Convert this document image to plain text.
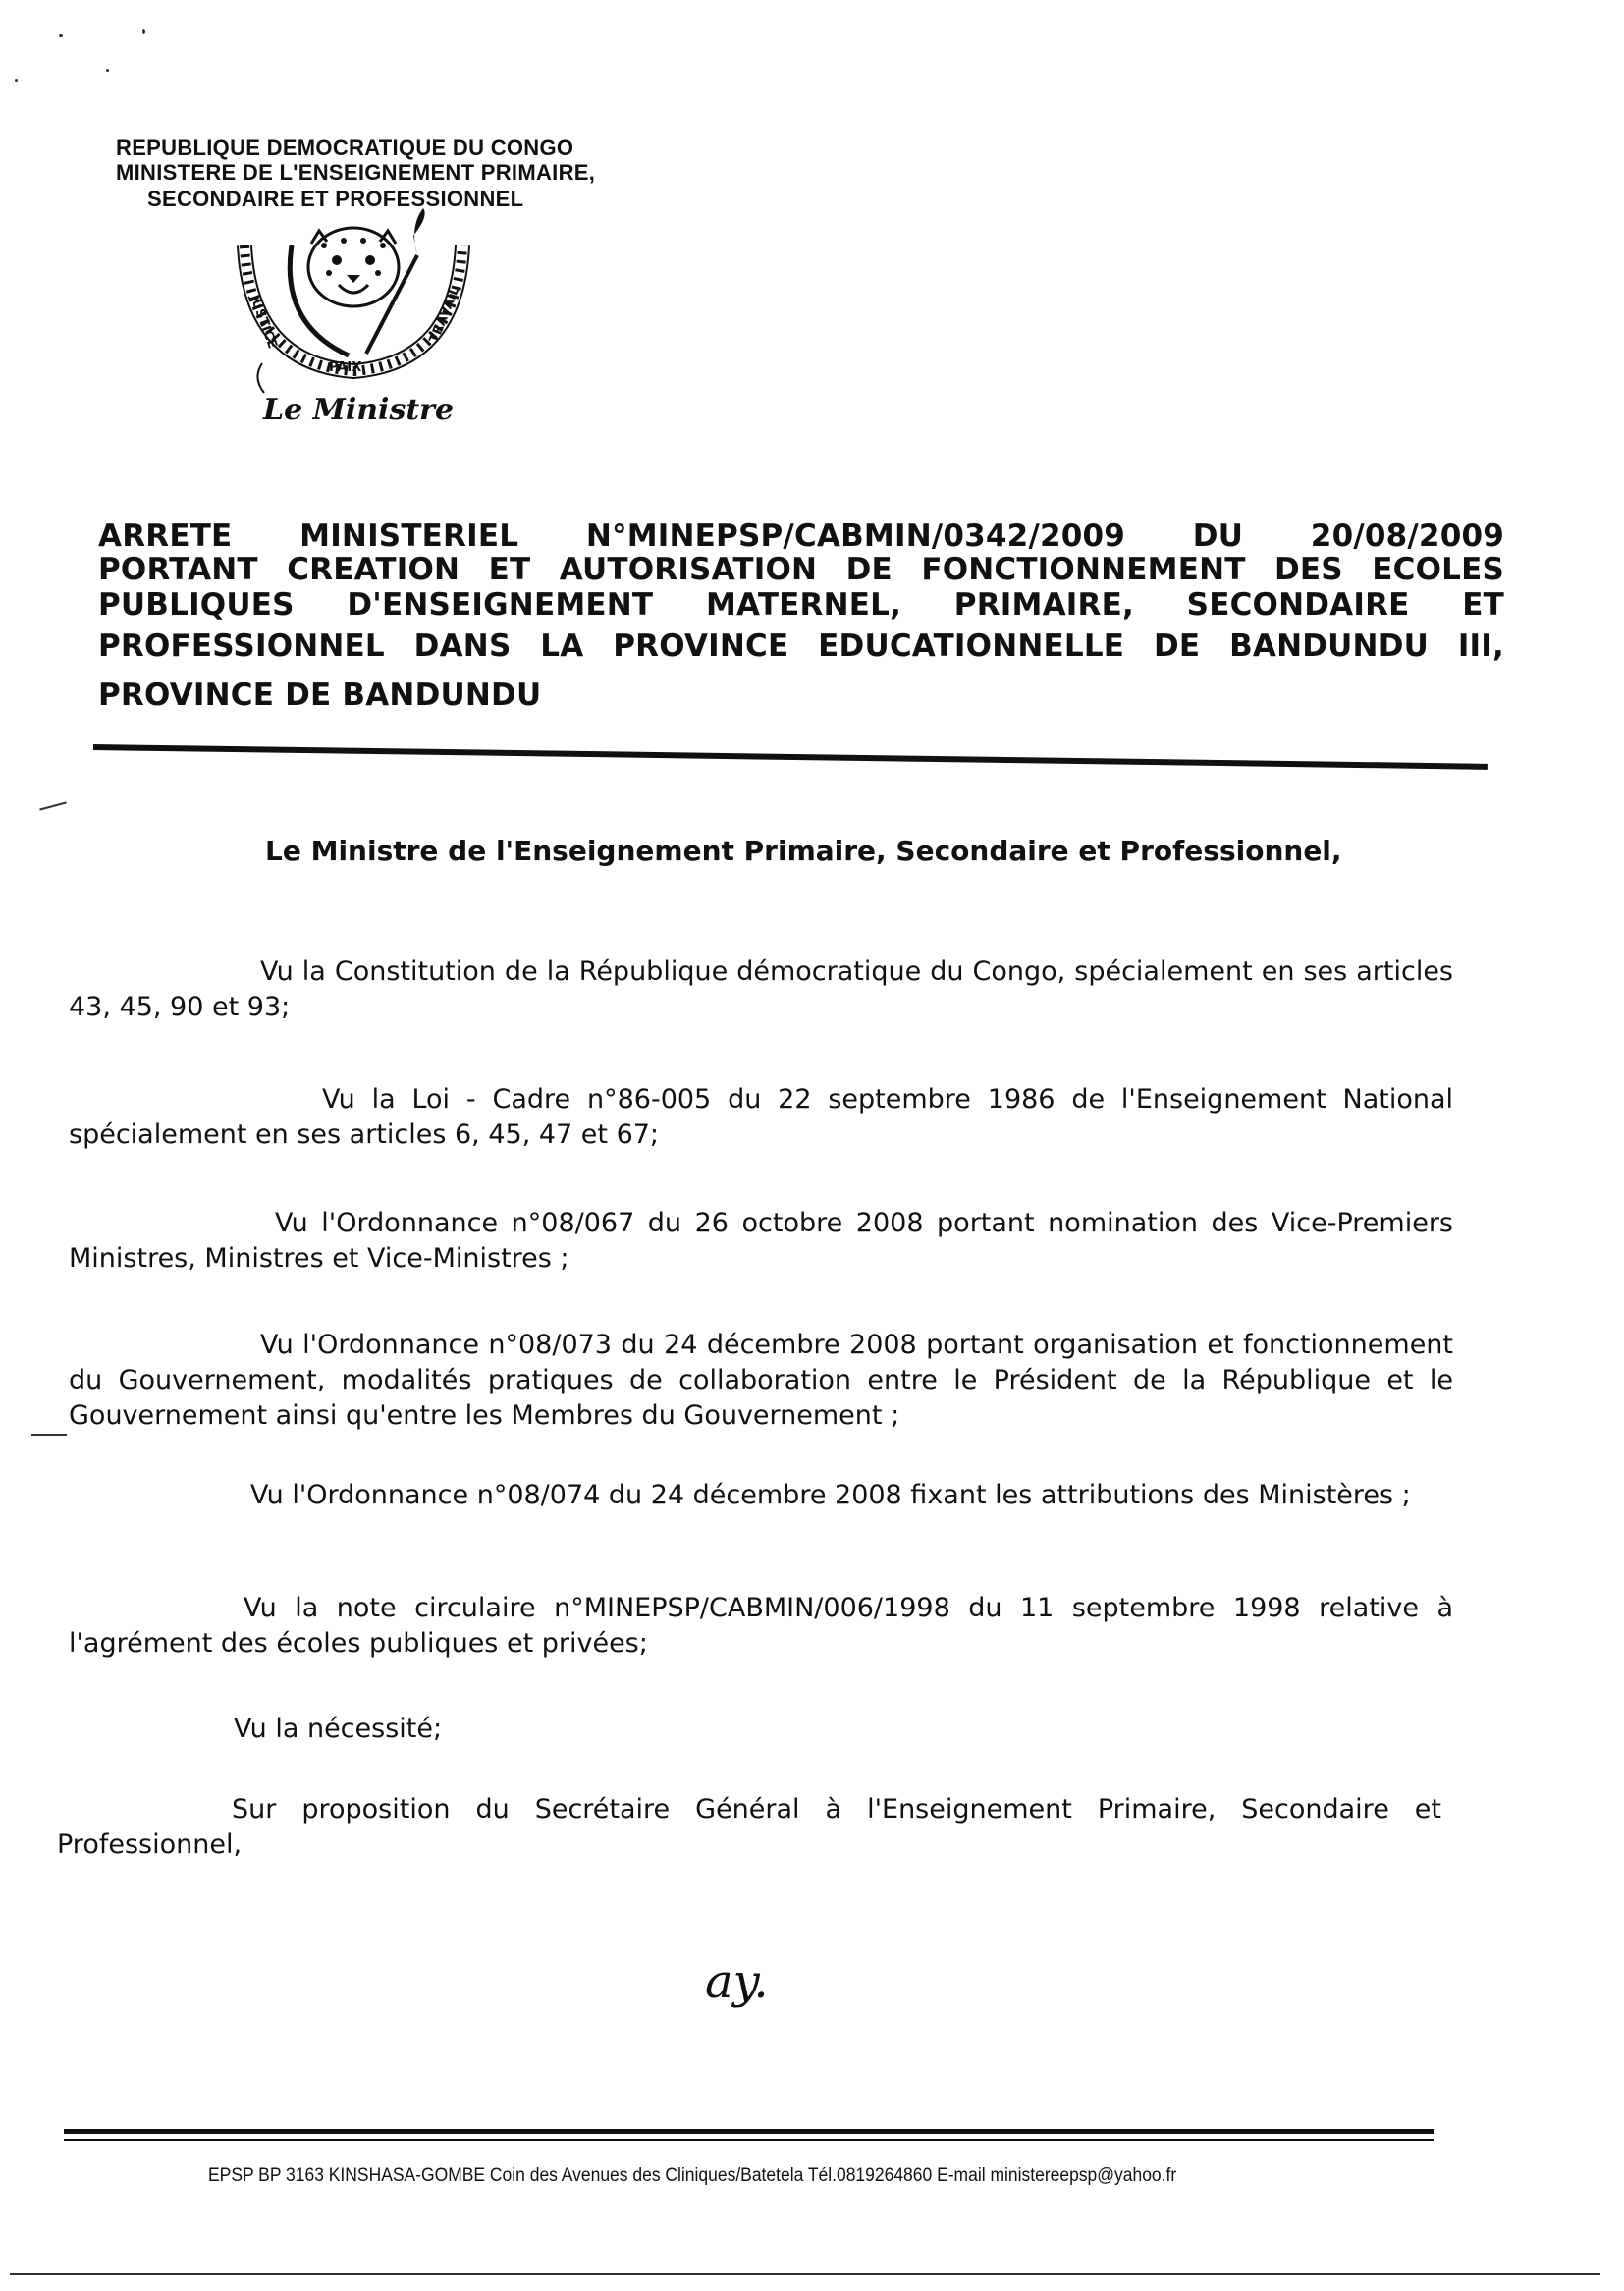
REPUBLIQUE DEMOCRATIQUE DU CONGO
MINISTERE DE L'ENSEIGNEMENT PRIMAIRE,
SECONDAIRE ET PROFESSIONNEL
JUSTICE
PAIX
TRAVAIL
Le Ministre
ARRETE MINISTERIEL N°MINEPSP/CABMIN/0342/2009 DU 20/08/2009
PORTANT CREATION ET AUTORISATION DE FONCTIONNEMENT DES ECOLES
PUBLIQUES D'ENSEIGNEMENT MATERNEL, PRIMAIRE, SECONDAIRE ET
PROFESSIONNEL DANS LA PROVINCE EDUCATIONNELLE DE BANDUNDU III,
PROVINCE DE BANDUNDU
Le Ministre de l'Enseignement Primaire, Secondaire et Professionnel,
Vu la Constitution de la République démocratique du Congo, spécialement en ses articles 43, 45, 90 et 93;
Vu la Loi - Cadre n°86-005 du 22 septembre 1986 de l'Enseignement National spécialement en ses articles 6, 45, 47 et 67;
Vu l'Ordonnance n°08/067 du 26 octobre 2008 portant nomination des Vice-Premiers Ministres, Ministres et Vice-Ministres ;
Vu l'Ordonnance n°08/073 du 24 décembre 2008 portant organisation et fonctionnement du Gouvernement, modalités pratiques de collaboration entre le Président de la République et le Gouvernement ainsi qu'entre les Membres du Gouvernement ;
Vu l'Ordonnance n°08/074 du 24 décembre 2008 fixant les attributions des Ministères ;
Vu la note circulaire n°MINEPSP/CABMIN/006/1998 du 11 septembre 1998 relative à l'agrément des écoles publiques et privées;
Vu la nécessité;
Sur proposition du Secrétaire Général à l'Enseignement Primaire, Secondaire et Professionnel,
ay.
EPSP BP 3163 KINSHASA-GOMBE Coin des Avenues des Cliniques/Batetela Tél.0819264860 E-mail ministereepsp@yahoo.fr
